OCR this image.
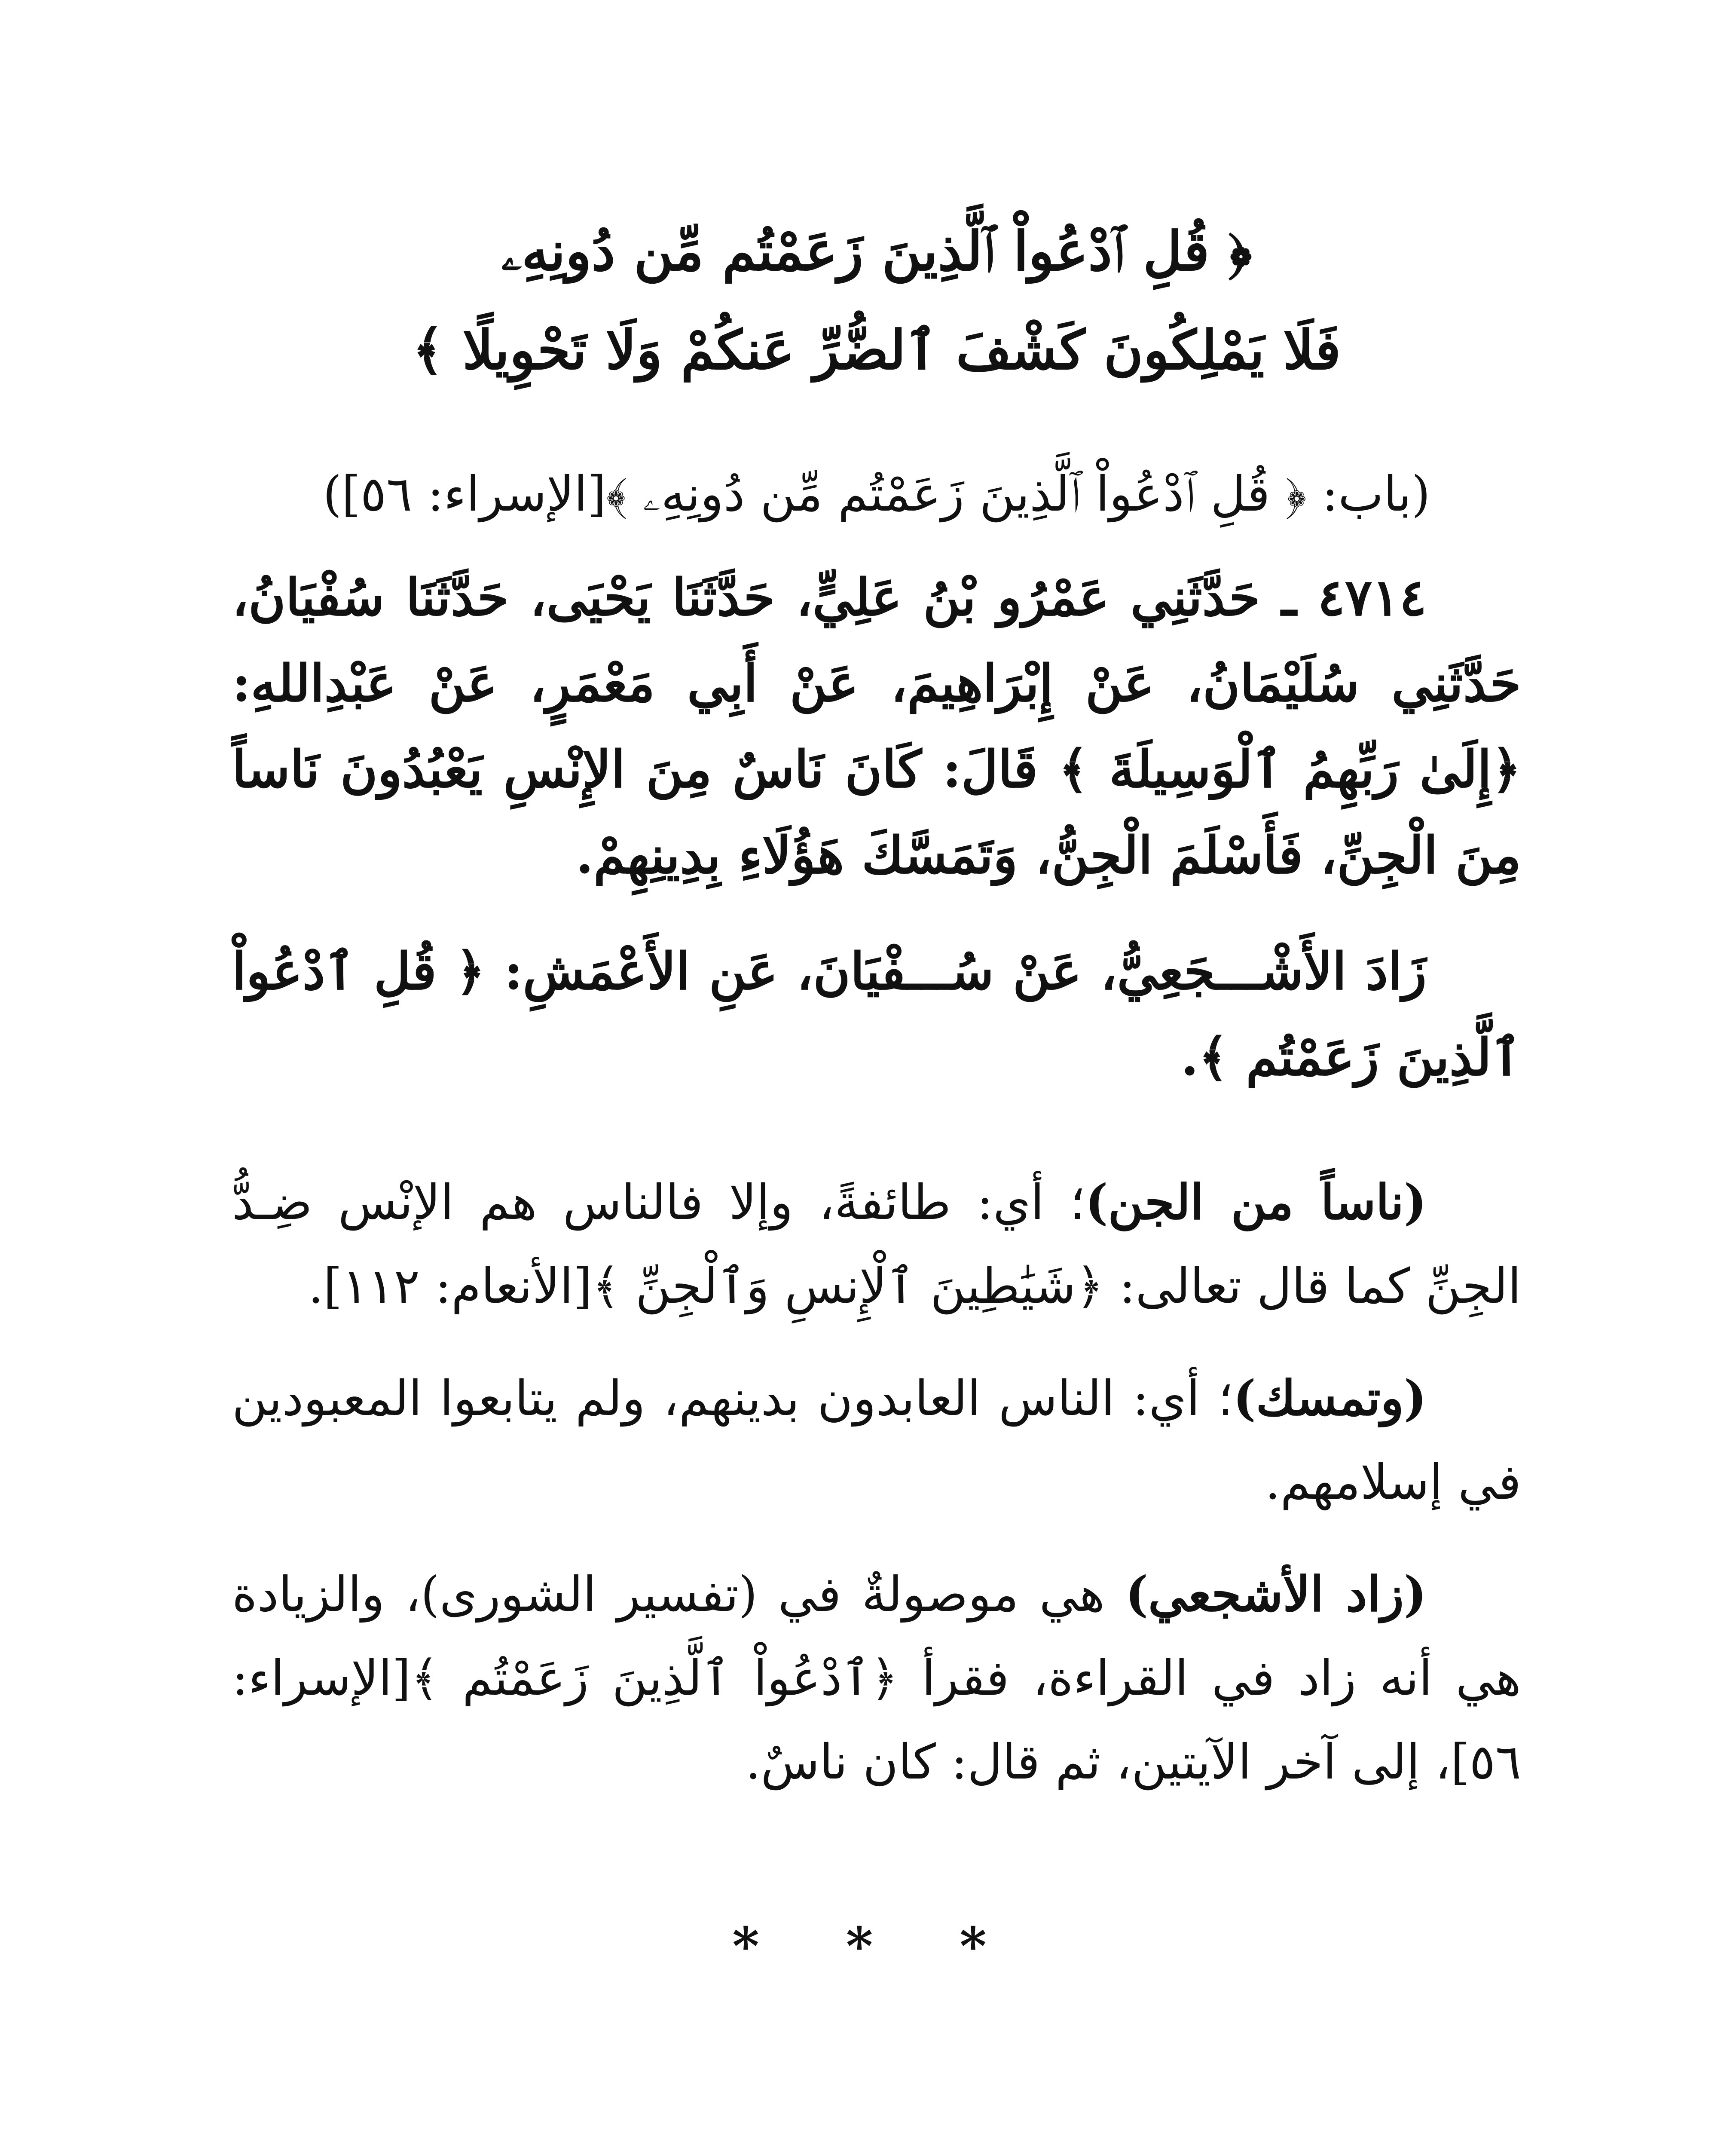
﴿ قُلِ ٱدْعُواْ ٱلَّذِينَ زَعَمْتُم مِّن دُونِهِۦ

فَلَا يَمْلِكُونَ كَشْفَ ٱلضُّرِّ عَنكُمْ وَلَا تَحْوِيلًا ﴾

(باب: ﴿ قُلِ ٱدْعُواْ ٱلَّذِينَ زَعَمْتُم مِّن دُونِهِۦ ﴾[الإسراء: ٥٦])

٤٧١٤ ـ حَدَّثَنِي عَمْرُو بْنُ عَلِيٍّ، حَدَّثَنَا يَحْيَى، حَدَّثَنَا سُفْيَانُ، حَدَّثَنِي سُلَيْمَانُ، عَنْ إِبْرَاهِيمَ، عَنْ أَبِي مَعْمَرٍ، عَنْ عَبْدِاللهِ: ﴿إِلَىٰ رَبِّهِمُ ٱلْوَسِيلَةَ ﴾ قَالَ: كَانَ نَاسٌ مِنَ الإِنْسِ يَعْبُدُونَ نَاساً مِنَ الْجِنِّ، فَأَسْلَمَ الْجِنُّ، وَتَمَسَّكَ هَؤُلَاءِ بِدِينِهِمْ.

زَادَ الأَشْـــجَعِيُّ، عَنْ سُـــفْيَانَ، عَنِ الأَعْمَشِ: ﴿ قُلِ ٱدْعُواْ ٱلَّذِينَ زَعَمْتُم ﴾.

(ناساً من الجن)؛ أي: طائفةً، وإلا فالناس هم الإنْس ضِـدُّ الجِنِّ كما قال تعالى: ﴿شَيَٰطِينَ ٱلْإِنسِ وَٱلْجِنِّ ﴾[الأنعام: ١١٢].

(وتمسك)؛ أي: الناس العابدون بدينهم، ولم يتابعوا المعبودين في إسلامهم.

(زاد الأشجعي) هي موصولةٌ في (تفسير الشورى)، والزيادة هي أنه زاد في القراءة، فقرأ ﴿ٱدْعُواْ ٱلَّذِينَ زَعَمْتُم ﴾[الإسراء: ٥٦]، إلى آخر الآيتين، ثم قال: كان ناسٌ.

* * *
